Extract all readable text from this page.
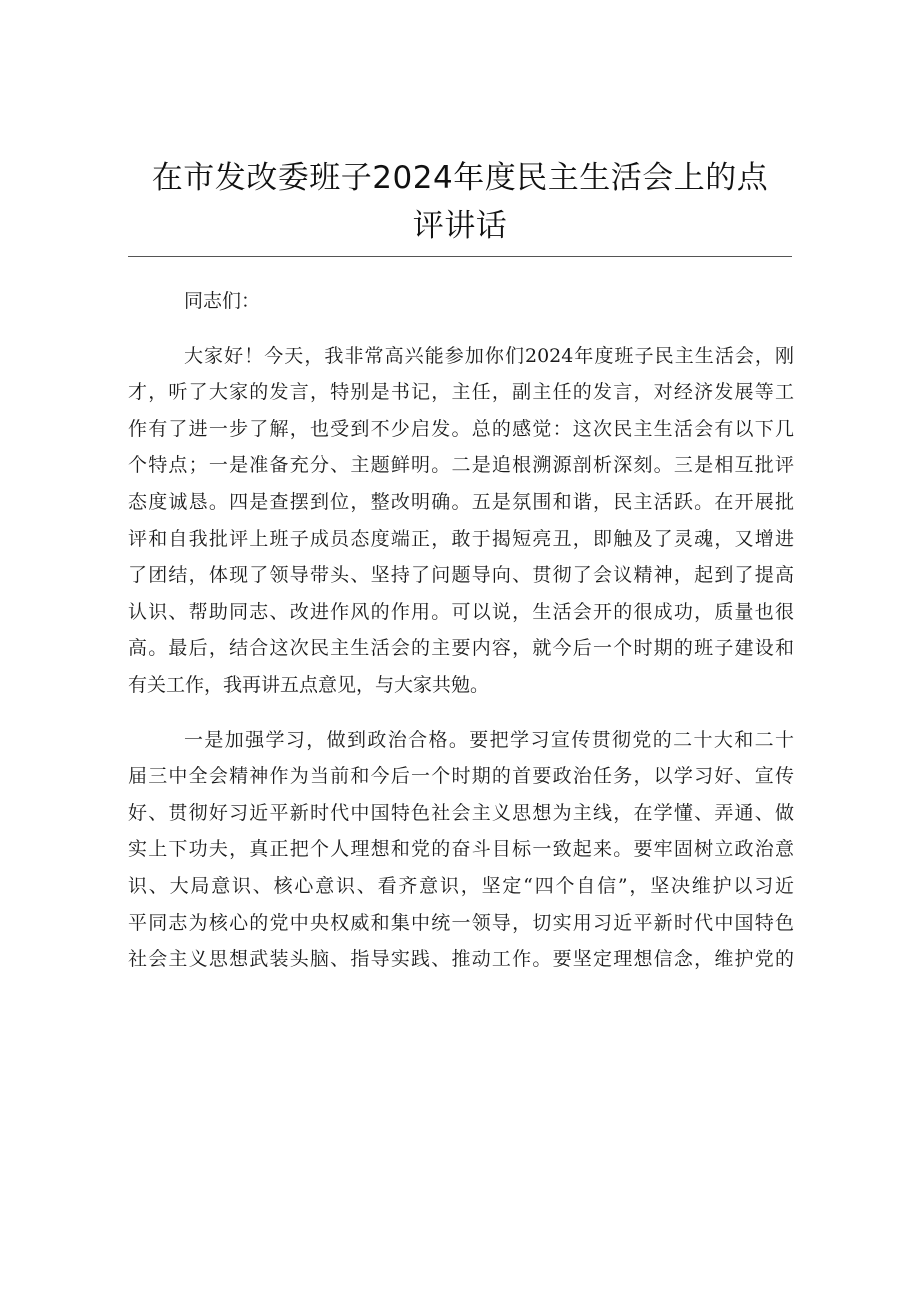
在市发改委班子2024年度民主生活会上的点
评讲话
同志们：
大家好！今天，我非常高兴能参加你们2024年度班子民主生活会，刚
才，听了大家的发言，特别是书记，主任，副主任的发言，对经济发展等工
作有了进一步了解，也受到不少启发。总的感觉：这次民主生活会有以下几
个特点；一是准备充分、主题鲜明。二是追根溯源剖析深刻。三是相互批评
态度诚恳。四是查摆到位，整改明确。五是氛围和谐，民主活跃。在开展批
评和自我批评上班子成员态度端正，敢于揭短亮丑，即触及了灵魂，又增进
了团结，体现了领导带头、坚持了问题导向、贯彻了会议精神，起到了提高
认识、帮助同志、改进作风的作用。可以说，生活会开的很成功，质量也很
高。最后，结合这次民主生活会的主要内容，就今后一个时期的班子建设和
有关工作，我再讲五点意见，与大家共勉。
一是加强学习，做到政治合格。要把学习宣传贯彻党的二十大和二十
届三中全会精神作为当前和今后一个时期的首要政治任务，以学习好、宣传
好、贯彻好习近平新时代中国特色社会主义思想为主线，在学懂、弄通、做
实上下功夫，真正把个人理想和党的奋斗目标一致起来。要牢固树立政治意
识、大局意识、核心意识、看齐意识，坚定“四个自信”，坚决维护以习近
平同志为核心的党中央权威和集中统一领导，切实用习近平新时代中国特色
社会主义思想武装头脑、指导实践、推动工作。要坚定理想信念，维护党的
